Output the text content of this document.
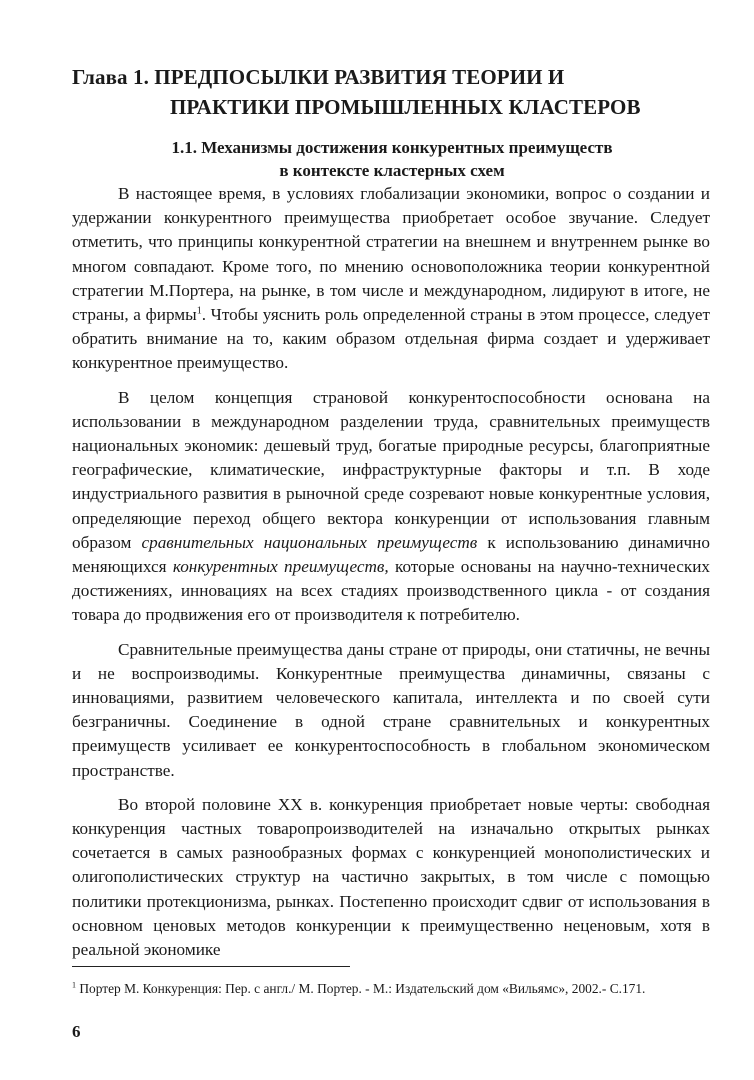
Глава 1. ПРЕДПОСЫЛКИ РАЗВИТИЯ ТЕОРИИ И
ПРАКТИКИ ПРОМЫШЛЕННЫХ КЛАСТЕРОВ
1.1. Механизмы достижения конкурентных преимуществ
в контексте кластерных схем

В настоящее время, в условиях глобализации экономики, вопрос о создании и удержании конкурентного преимущества приобретает особое звучание. Следует отметить, что принципы конкурентной стратегии на внешнем и внутреннем рынке во многом совпадают. Кроме того, по мнению основоположника теории конкурентной стратегии М.Портера, на рынке, в том числе и международном, лидируют в итоге, не страны, а фирмы$^1$. Чтобы уяснить роль определенной страны в этом процессе, следует обратить внимание на то, каким образом отдельная фирма создает и удерживает конкурентное преимущество.

В целом концепция страновой конкурентоспособности основана на использовании в международном разделении труда, сравнительных преимуществ национальных экономик: дешевый труд, богатые природные ресурсы, благоприятные географические, климатические, инфраструктурные факторы и т.п. В ходе индустриального развития в рыночной среде созревают новые конкурентные условия, определяющие переход общего вектора конкуренции от использования главным образом сравнительных национальных преимуществ к использованию динамично меняющихся конкурентных преимуществ, которые основаны на научно-технических достижениях, инновациях на всех стадиях производственного цикла - от создания товара до продвижения его от производителя к потребителю.

Сравнительные преимущества даны стране от природы, они статичны, не вечны и не воспроизводимы. Конкурентные преимущества динамичны, связаны с инновациями, развитием человеческого капитала, интеллекта и по своей сути безграничны. Соединение в одной стране сравнительных и конкурентных преимуществ усиливает ее конкурентоспособность в глобальном экономическом пространстве.

Во второй половине XX в. конкуренция приобретает новые черты: свободная конкуренция частных товаропроизводителей на изначально открытых рынках сочетается в самых разнообразных формах с конкуренцией монополистических и олигополистических структур на частично закрытых, в том числе с помощью политики протекционизма, рынках. Постепенно происходит сдвиг от использования в основном ценовых методов конкуренции к преимущественно неценовым, хотя в реальной экономике

$^1$ Портер М. Конкуренция: Пер. с англ./ М. Портер. - М.: Издательский дом «Вильямс», 2002.- С.171.
6
